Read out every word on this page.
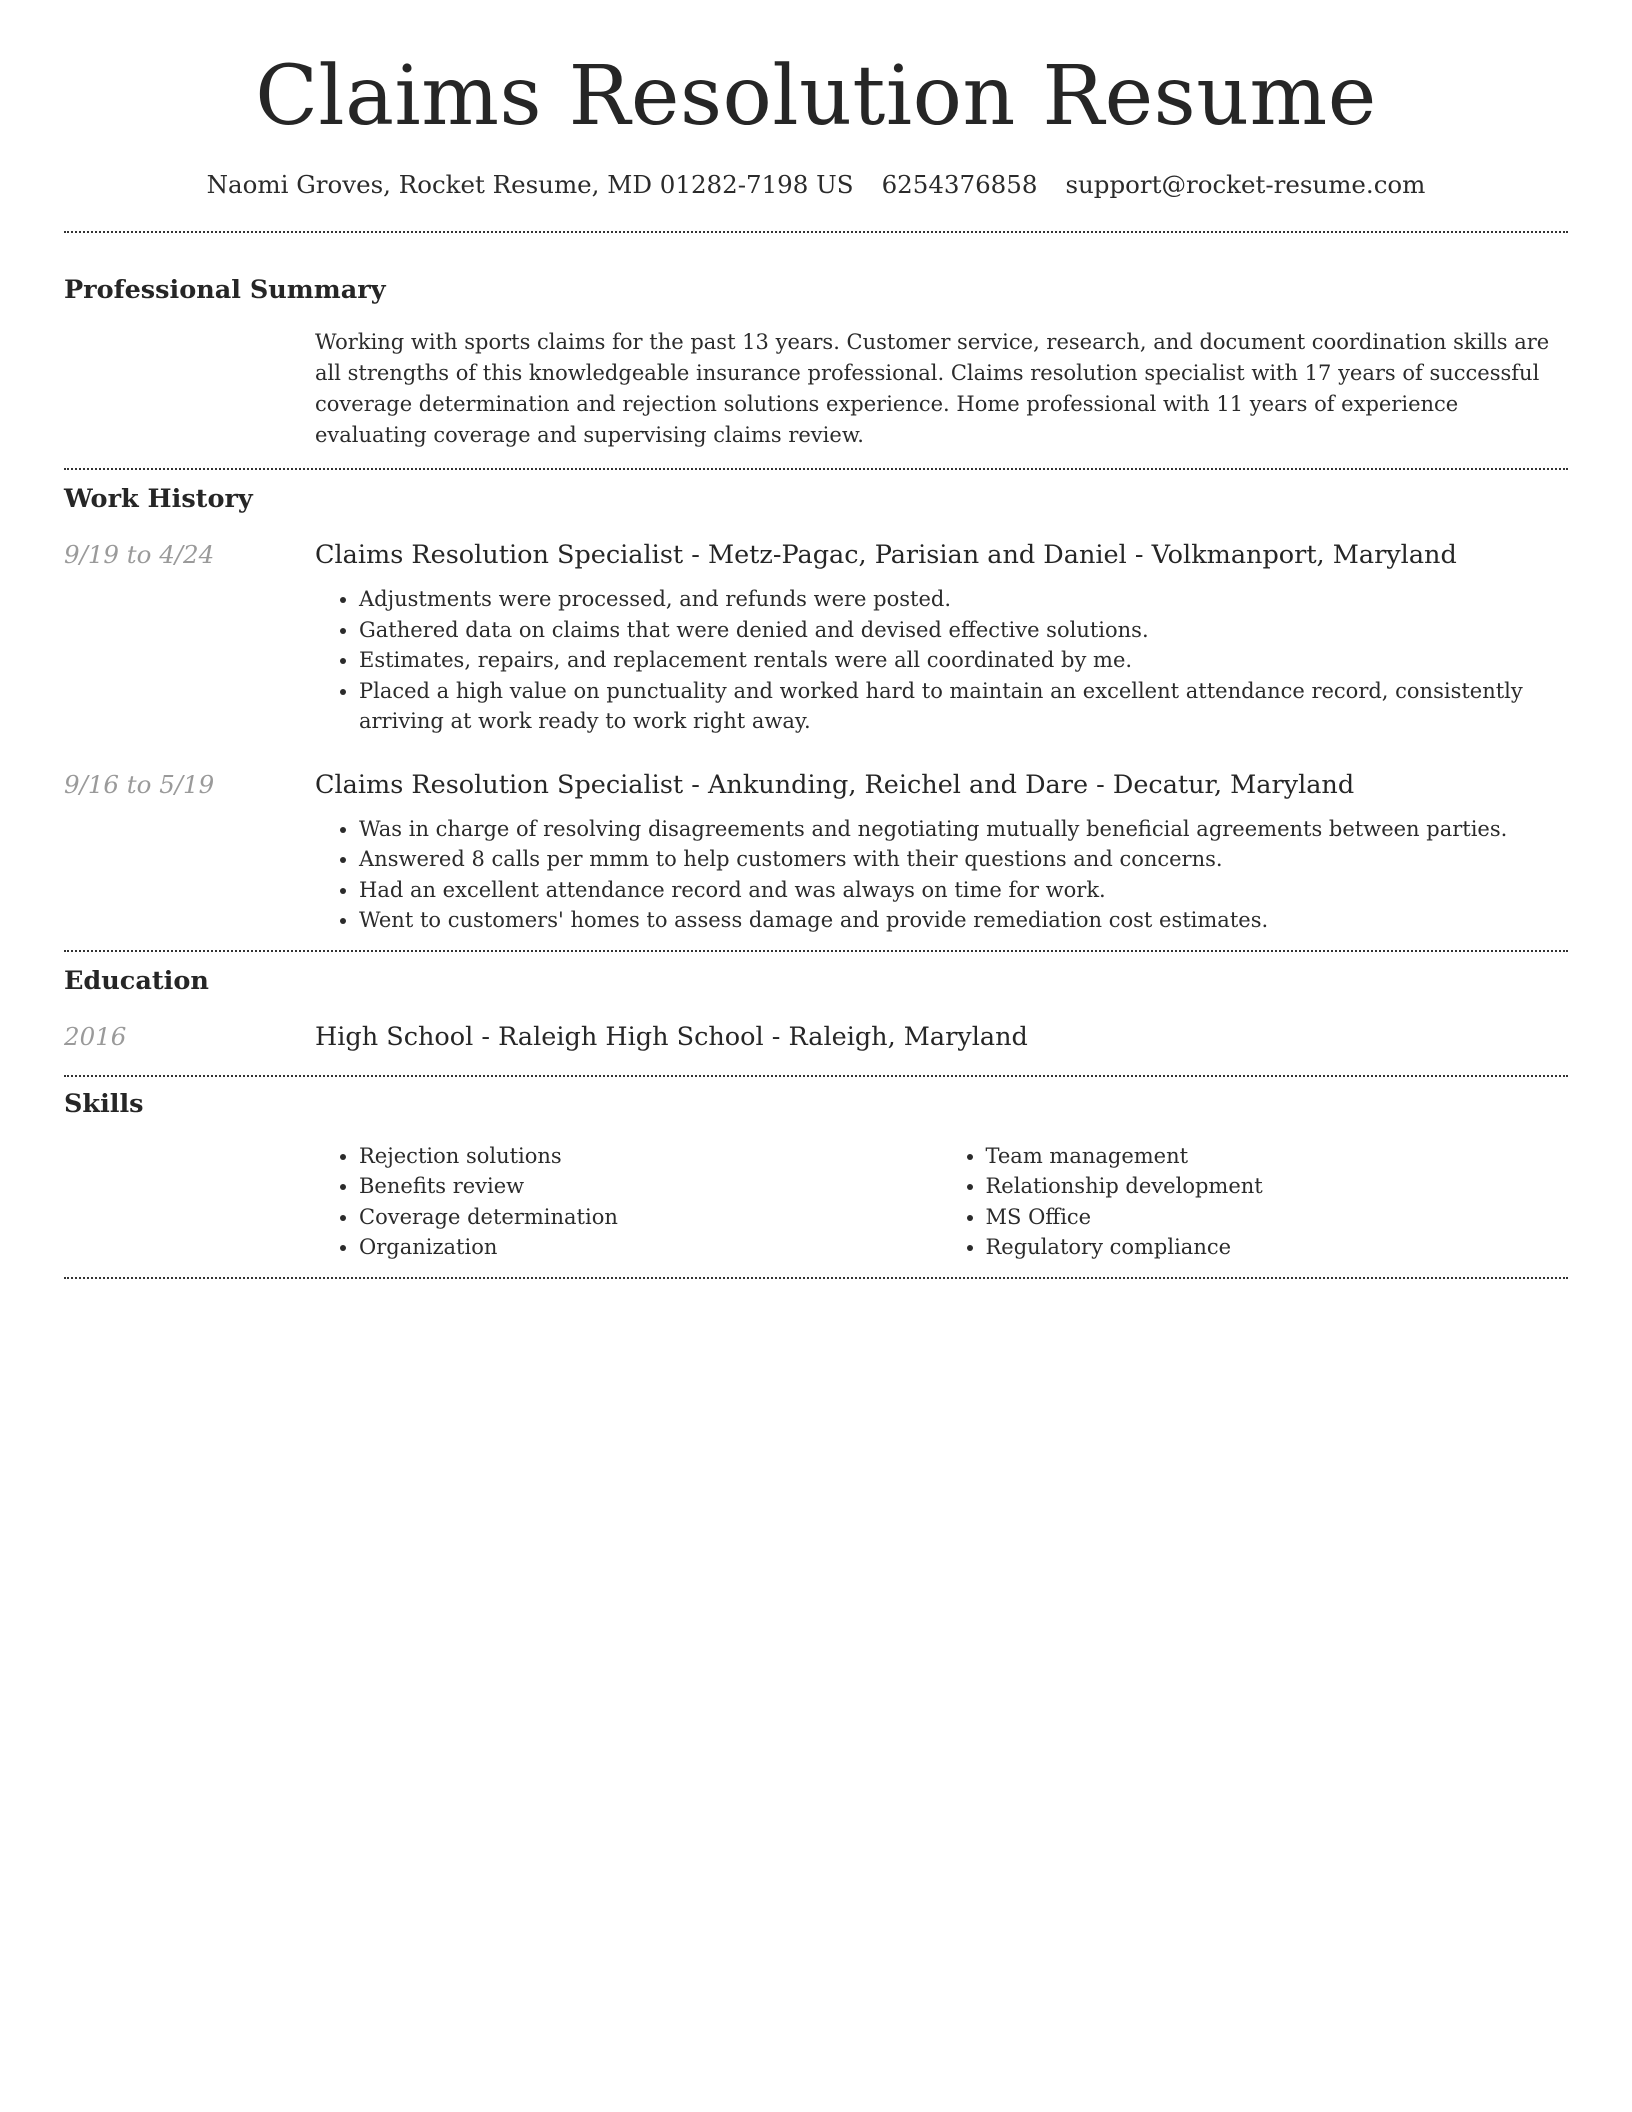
Claims Resolution Resume
Naomi Groves, Rocket Resume, MD 01282-7198 US 6254376858 support@rocket-resume.com
Professional Summary
Working with sports claims for the past 13 years. Customer service, research, and document coordination skills are all strengths of this knowledgeable insurance professional. Claims resolution specialist with 17 years of successful coverage determination and rejection solutions experience. Home professional with 11 years of experience evaluating coverage and supervising claims review.
Work History
9/19 to 4/24	Claims Resolution Specialist - Metz-Pagac, Parisian and Daniel - Volkmanport, Maryland
• Adjustments were processed, and refunds were posted.
• Gathered data on claims that were denied and devised effective solutions.
• Estimates, repairs, and replacement rentals were all coordinated by me.
• Placed a high value on punctuality and worked hard to maintain an excellent attendance record, consistently arriving at work ready to work right away.
9/16 to 5/19	Claims Resolution Specialist - Ankunding, Reichel and Dare - Decatur, Maryland
• Was in charge of resolving disagreements and negotiating mutually beneficial agreements between parties.
• Answered 8 calls per mmm to help customers with their questions and concerns.
• Had an excellent attendance record and was always on time for work.
• Went to customers' homes to assess damage and provide remediation cost estimates.
Education
2016	High School - Raleigh High School - Raleigh, Maryland
Skills
• Rejection solutions
• Benefits review
• Coverage determination
• Organization
• Team management
• Relationship development
• MS Office
• Regulatory compliance
